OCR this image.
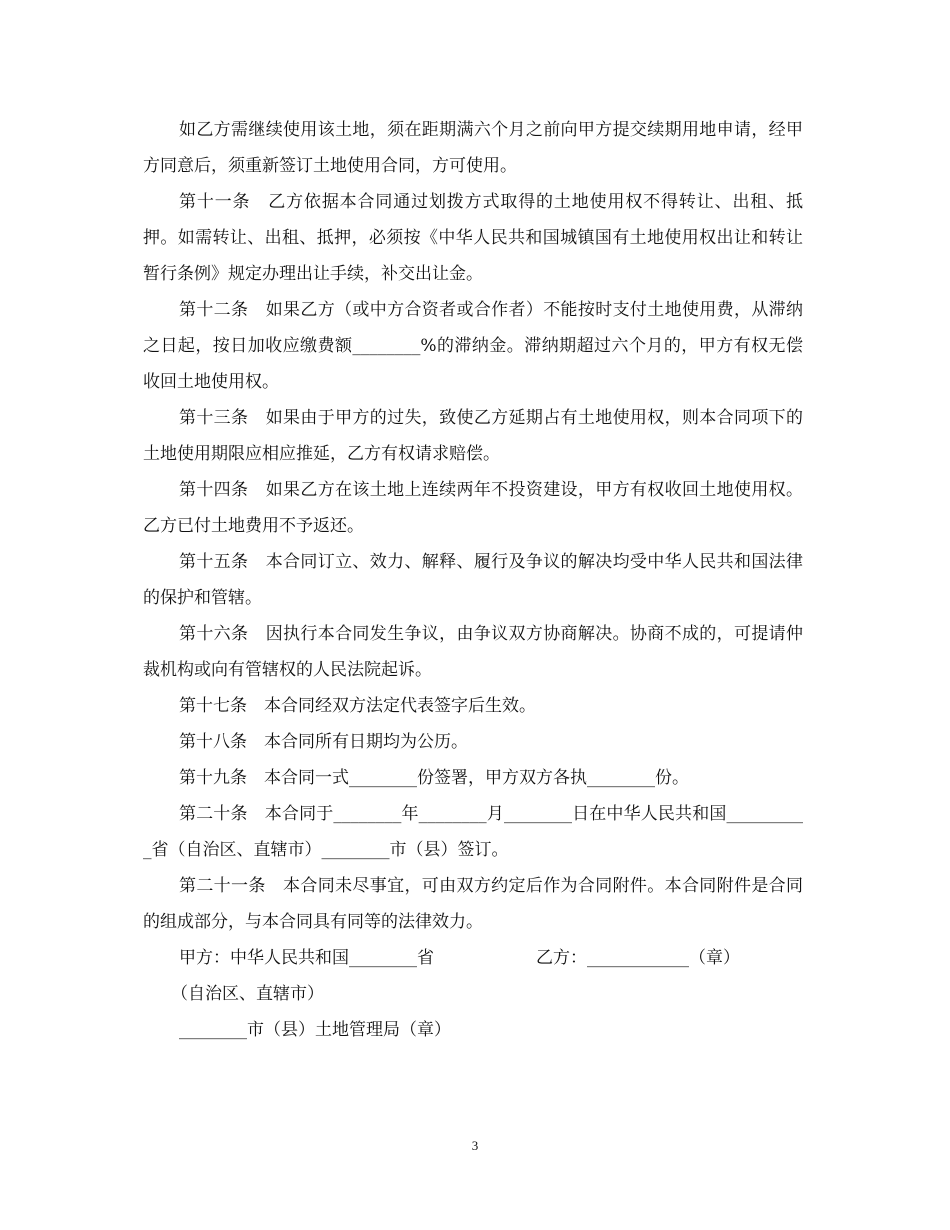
如乙方需继续使用该土地，须在距期满六个月之前向甲方提交续期用地申请，经甲方同意后，须重新签订土地使用合同，方可使用。

第十一条　乙方依据本合同通过划拨方式取得的土地使用权不得转让、出租、抵押。如需转让、出租、抵押，必须按《中华人民共和国城镇国有土地使用权出让和转让暂行条例》规定办理出让手续，补交出让金。

第十二条　如果乙方（或中方合资者或合作者）不能按时支付土地使用费，从滞纳之日起，按日加收应缴费额________%的滞纳金。滞纳期超过六个月的，甲方有权无偿收回土地使用权。

第十三条　如果由于甲方的过失，致使乙方延期占有土地使用权，则本合同项下的土地使用期限应相应推延，乙方有权请求赔偿。

第十四条　如果乙方在该土地上连续两年不投资建设，甲方有权收回土地使用权。乙方已付土地费用不予返还。

第十五条　本合同订立、效力、解释、履行及争议的解决均受中华人民共和国法律的保护和管辖。

第十六条　因执行本合同发生争议，由争议双方协商解决。协商不成的，可提请仲裁机构或向有管辖权的人民法院起诉。

第十七条　本合同经双方法定代表签字后生效。

第十八条　本合同所有日期均为公历。

第十九条　本合同一式________份签署，甲方双方各执________份。

第二十条　本合同于________年________月________日在中华人民共和国__________省（自治区、直辖市）________市（县）签订。

第二十一条　本合同未尽事宜，可由双方约定后作为合同附件。本合同附件是合同的组成部分，与本合同具有同等的法律效力。

甲方：中华人民共和国________省	乙方：____________（章）

（自治区、直辖市）

________市（县）土地管理局（章）

3
